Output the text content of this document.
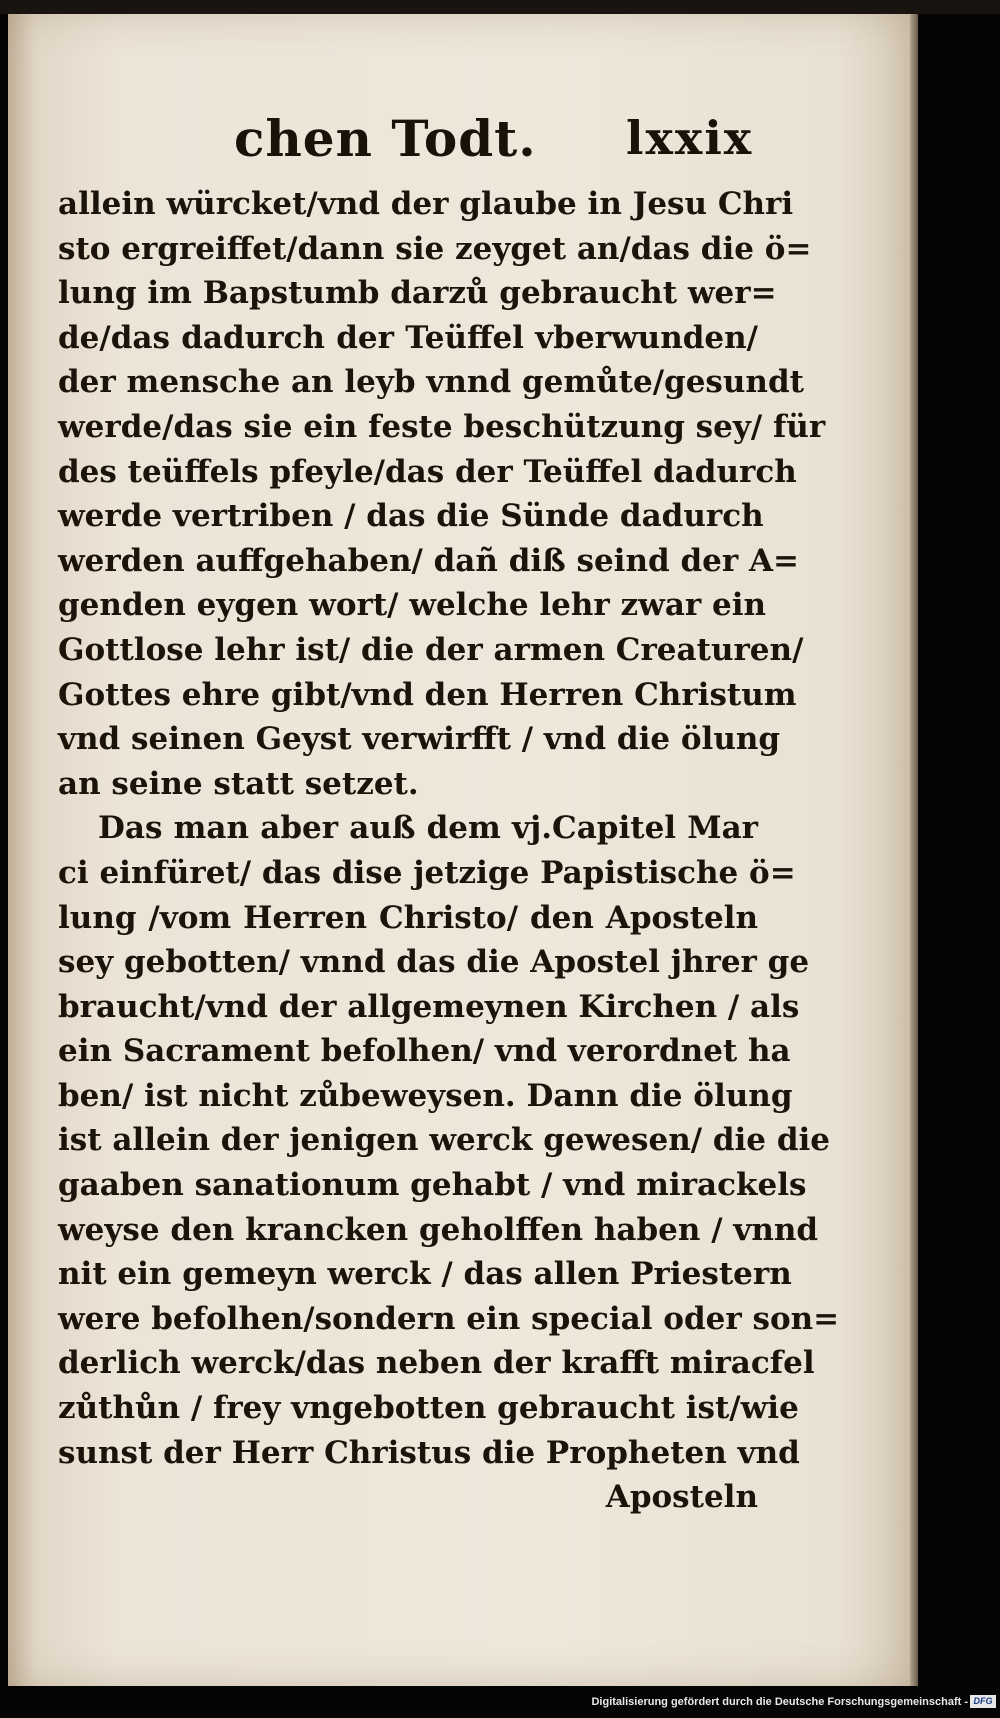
chen Todt. lxxix
allein würcket/vnd der glaube in Jesu Chri
sto ergreiffet/dann sie zeyget an/das die ö=
lung im Bapstumb darzů gebraucht wer=
de/das dadurch der Teüffel vberwunden/
der mensche an leyb vnnd gemůte/gesundt
werde/das sie ein feste beschützung sey/ für
des teüffels pfeyle/das der Teüffel dadurch
werde vertriben / das die Sünde dadurch
werden auffgehaben/ dañ diß seind der A=
genden eygen wort/ welche lehr zwar ein
Gottlose lehr ist/ die der armen Creaturen/
Gottes ehre gibt/vnd den Herren Christum
vnd seinen Geyst verwirfft / vnd die ölung
an seine statt setzet.
Das man aber auß dem vj.Capitel Mar
ci einfüret/ das dise jetzige Papistische ö=
lung /vom Herren Christo/ den Aposteln
sey gebotten/ vnnd das die Apostel jhrer ge
braucht/vnd der allgemeynen Kirchen / als
ein Sacrament befolhen/ vnd verordnet ha
ben/ ist nicht zůbeweysen. Dann die ölung
ist allein der jenigen werck gewesen/ die die
gaaben sanationum gehabt / vnd mirackels
weyse den krancken geholffen haben / vnnd
nit ein gemeyn werck / das allen Priestern
were befolhen/sondern ein special oder son=
derlich werck/das neben der krafft miracfel
zůthůn / frey vngebotten gebraucht ist/wie
sunst der Herr Christus die Propheten vnd
Aposteln
Digitalisierung gefördert durch die Deutsche Forschungsgemeinschaft - DFG
